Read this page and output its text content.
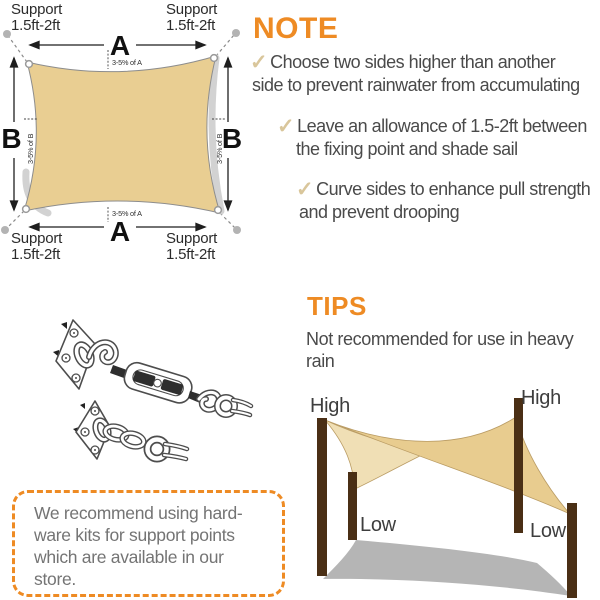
A
A
B	B
3-5% of A
3-5% of A
3-5% of B	3-5% of B
Support
1.5ft-2ft
Support
1.5ft-2ft
Support
1.5ft-2ft
Support
1.5ft-2ft
NOTE
✓ Choose two sides higher than another
side to prevent rainwater from accumulating
✓ Leave an allowance of 1.5-2ft between
the fixing point and shade sail
✓ Curve sides to enhance pull strength
and prevent drooping
TIPS
Not recommended for use in heavy
rain
We recommend using hard-
ware kits for support points
which are available in our
store.
High	High
Low	Low
